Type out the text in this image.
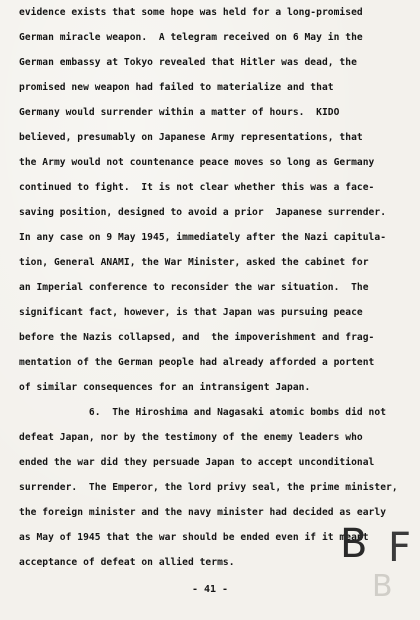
evidence exists that some hope was held for a long-promised
German miracle weapon.  A telegram received on 6 May in the
German embassy at Tokyo revealed that Hitler was dead, the
promised new weapon had failed to materialize and that
Germany would surrender within a matter of hours.  KIDO
believed, presumably on Japanese Army representations, that
the Army would not countenance peace moves so long as Germany
continued to fight.  It is not clear whether this was a face-
saving position, designed to avoid a prior  Japanese surrender.
In any case on 9 May 1945, immediately after the Nazi capitula-
tion, General ANAMI, the War Minister, asked the cabinet for
an Imperial conference to reconsider the war situation.  The
significant fact, however, is that Japan was pursuing peace
before the Nazis collapsed, and  the impoverishment and frag-
mentation of the German people had already afforded a portent
of similar consequences for an intransigent Japan.
6.  The Hiroshima and Nagasaki atomic bombs did not
defeat Japan, nor by the testimony of the enemy leaders who
ended the war did they persuade Japan to accept unconditional
surrender.  The Emperor, the lord privy seal, the prime minister,
the foreign minister and the navy minister had decided as early
as May of 1945 that the war should be ended even if it meant
acceptance of defeat on allied terms.	B F
B
- 41 -
